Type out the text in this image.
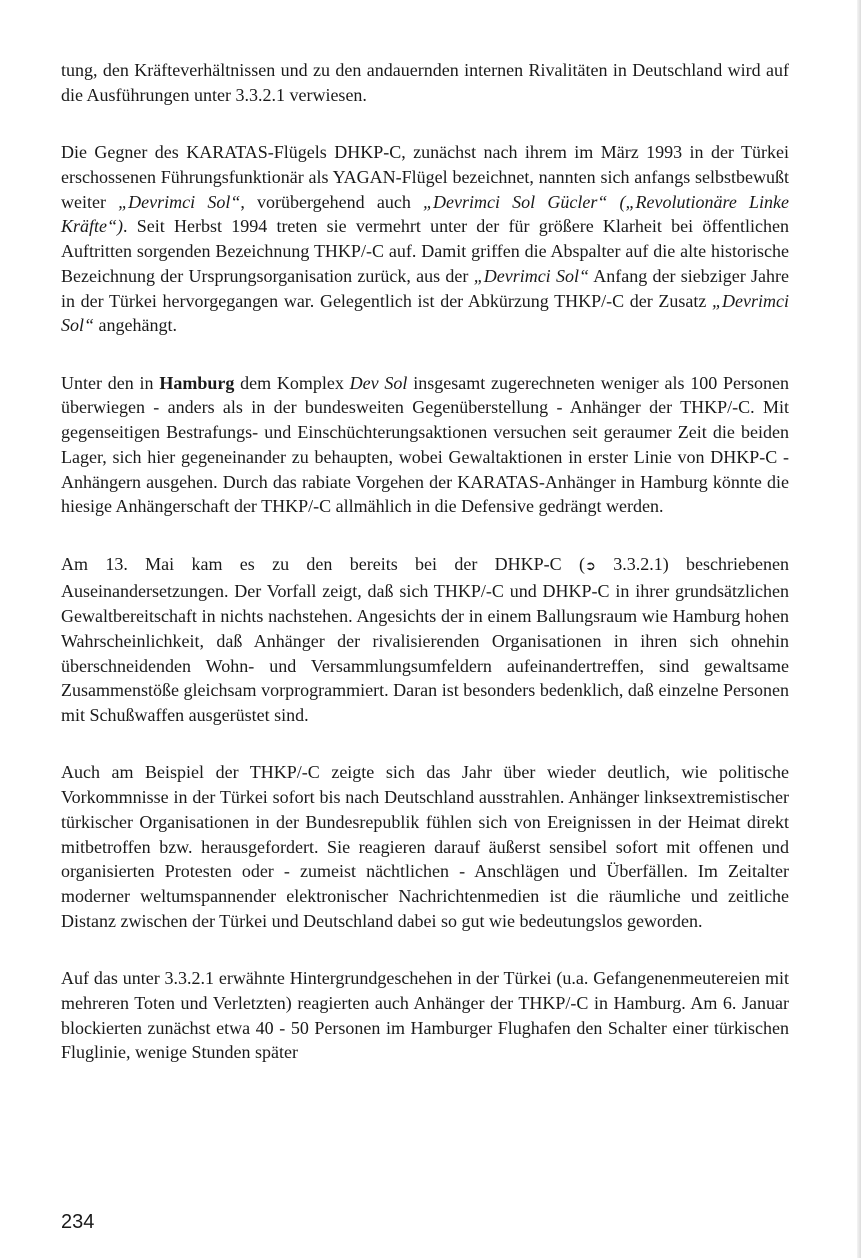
tung, den Kräfteverhältnissen und zu den andauernden internen Rivalitäten in Deutschland wird auf die Ausführungen unter 3.3.2.1 verwiesen.

Die Gegner des KARATAS-Flügels DHKP-C, zunächst nach ihrem im März 1993 in der Türkei erschossenen Führungsfunktionär als YAGAN-Flügel bezeichnet, nannten sich anfangs selbstbewußt weiter „Devrimci Sol“, vorübergehend auch „Devrimci Sol Gücler“ („Revolutionäre Linke Kräfte“). Seit Herbst 1994 treten sie vermehrt unter der für größere Klarheit bei öffentlichen Auftritten sorgenden Bezeichnung THKP/-C auf. Damit griffen die Abspalter auf die alte historische Bezeichnung der Ursprungsorganisation zurück, aus der „Devrimci Sol“ Anfang der siebziger Jahre in der Türkei hervorgegangen war. Gelegentlich ist der Abkürzung THKP/-C der Zusatz „Devrimci Sol“ angehängt.

Unter den in Hamburg dem Komplex Dev Sol insgesamt zugerechneten weniger als 100 Personen überwiegen - anders als in der bundesweiten Gegenüberstellung - Anhänger der THKP/-C. Mit gegenseitigen Bestrafungs- und Einschüchterungsaktionen versuchen seit geraumer Zeit die beiden Lager, sich hier gegeneinander zu behaupten, wobei Gewaltaktionen in erster Linie von DHKP-C - Anhängern ausgehen. Durch das rabiate Vorgehen der KARATAS-Anhänger in Hamburg könnte die hiesige Anhängerschaft der THKP/-C allmählich in die Defensive gedrängt werden.

Am 13. Mai kam es zu den bereits bei der DHKP-C (➲ 3.3.2.1) beschriebenen Auseinandersetzungen. Der Vorfall zeigt, daß sich THKP/-C und DHKP-C in ihrer grundsätzlichen Gewaltbereitschaft in nichts nachstehen. Angesichts der in einem Ballungsraum wie Hamburg hohen Wahrscheinlichkeit, daß Anhänger der rivalisierenden Organisationen in ihren sich ohnehin überschneidenden Wohn- und Versammlungsumfeldern aufeinandertreffen, sind gewaltsame Zusammenstöße gleichsam vorprogrammiert. Daran ist besonders bedenklich, daß einzelne Personen mit Schußwaffen ausgerüstet sind.

Auch am Beispiel der THKP/-C zeigte sich das Jahr über wieder deutlich, wie politische Vorkommnisse in der Türkei sofort bis nach Deutschland ausstrahlen. Anhänger linksextremistischer türkischer Organisationen in der Bundesrepublik fühlen sich von Ereignissen in der Heimat direkt mitbetroffen bzw. herausgefordert. Sie reagieren darauf äußerst sensibel sofort mit offenen und organisierten Protesten oder - zumeist nächtlichen - Anschlägen und Überfällen. Im Zeitalter moderner weltumspannender elektronischer Nachrichtenmedien ist die räumliche und zeitliche Distanz zwischen der Türkei und Deutschland dabei so gut wie bedeutungslos geworden.

Auf das unter 3.3.2.1 erwähnte Hintergrundgeschehen in der Türkei (u.a. Gefangenenmeutereien mit mehreren Toten und Verletzten) reagierten auch Anhänger der THKP/-C in Hamburg. Am 6. Januar blockierten zunächst etwa 40 - 50 Personen im Hamburger Flughafen den Schalter einer türkischen Fluglinie, wenige Stunden später

234
